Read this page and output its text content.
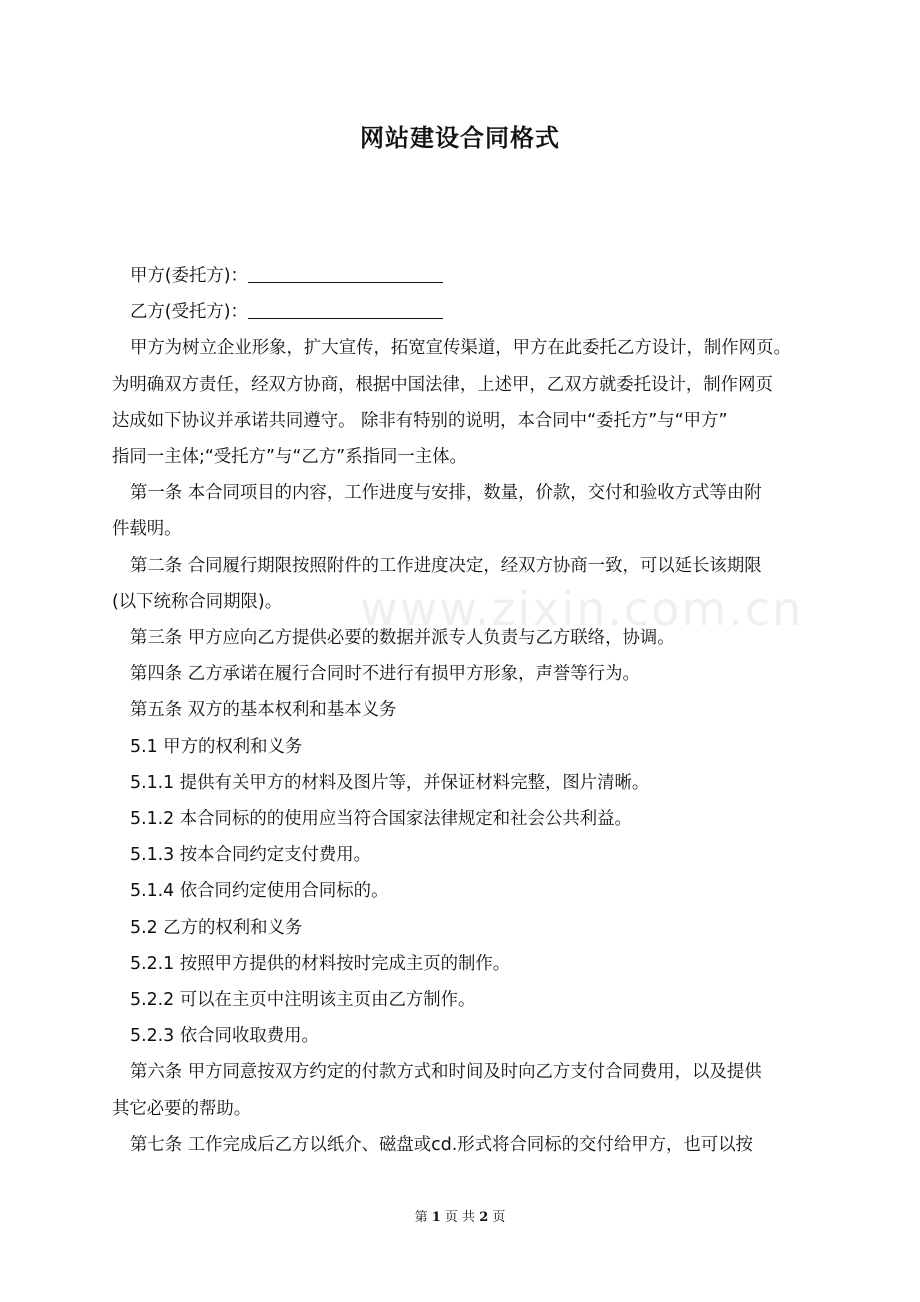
www.zixin.com.cn
网站建设合同格式
甲方(委托方)：
乙方(受托方)：
甲方为树立企业形象，扩大宣传，拓宽宣传渠道，甲方在此委托乙方设计，制作网页。
为明确双方责任，经双方协商，根据中国法律，上述甲，乙双方就委托设计，制作网页
达成如下协议并承诺共同遵守。 除非有特别的说明，本合同中“委托方”与“甲方”
指同一主体;“受托方”与“乙方”系指同一主体。
第一条 本合同项目的内容，工作进度与安排，数量，价款，交付和验收方式等由附
件载明。
第二条 合同履行期限按照附件的工作进度决定，经双方协商一致，可以延长该期限
(以下统称合同期限)。
第三条 甲方应向乙方提供必要的数据并派专人负责与乙方联络，协调。
第四条 乙方承诺在履行合同时不进行有损甲方形象，声誉等行为。
第五条 双方的基本权利和基本义务
5.1 甲方的权利和义务
5.1.1 提供有关甲方的材料及图片等，并保证材料完整，图片清晰。
5.1.2 本合同标的的使用应当符合国家法律规定和社会公共利益。
5.1.3 按本合同约定支付费用。
5.1.4 依合同约定使用合同标的。
5.2 乙方的权利和义务
5.2.1 按照甲方提供的材料按时完成主页的制作。
5.2.2 可以在主页中注明该主页由乙方制作。
5.2.3 依合同收取费用。
第六条 甲方同意按双方约定的付款方式和时间及时向乙方支付合同费用，以及提供
其它必要的帮助。
第七条 工作完成后乙方以纸介、磁盘或cd.形式将合同标的交付给甲方，也可以按
第 1 页 共 2 页
